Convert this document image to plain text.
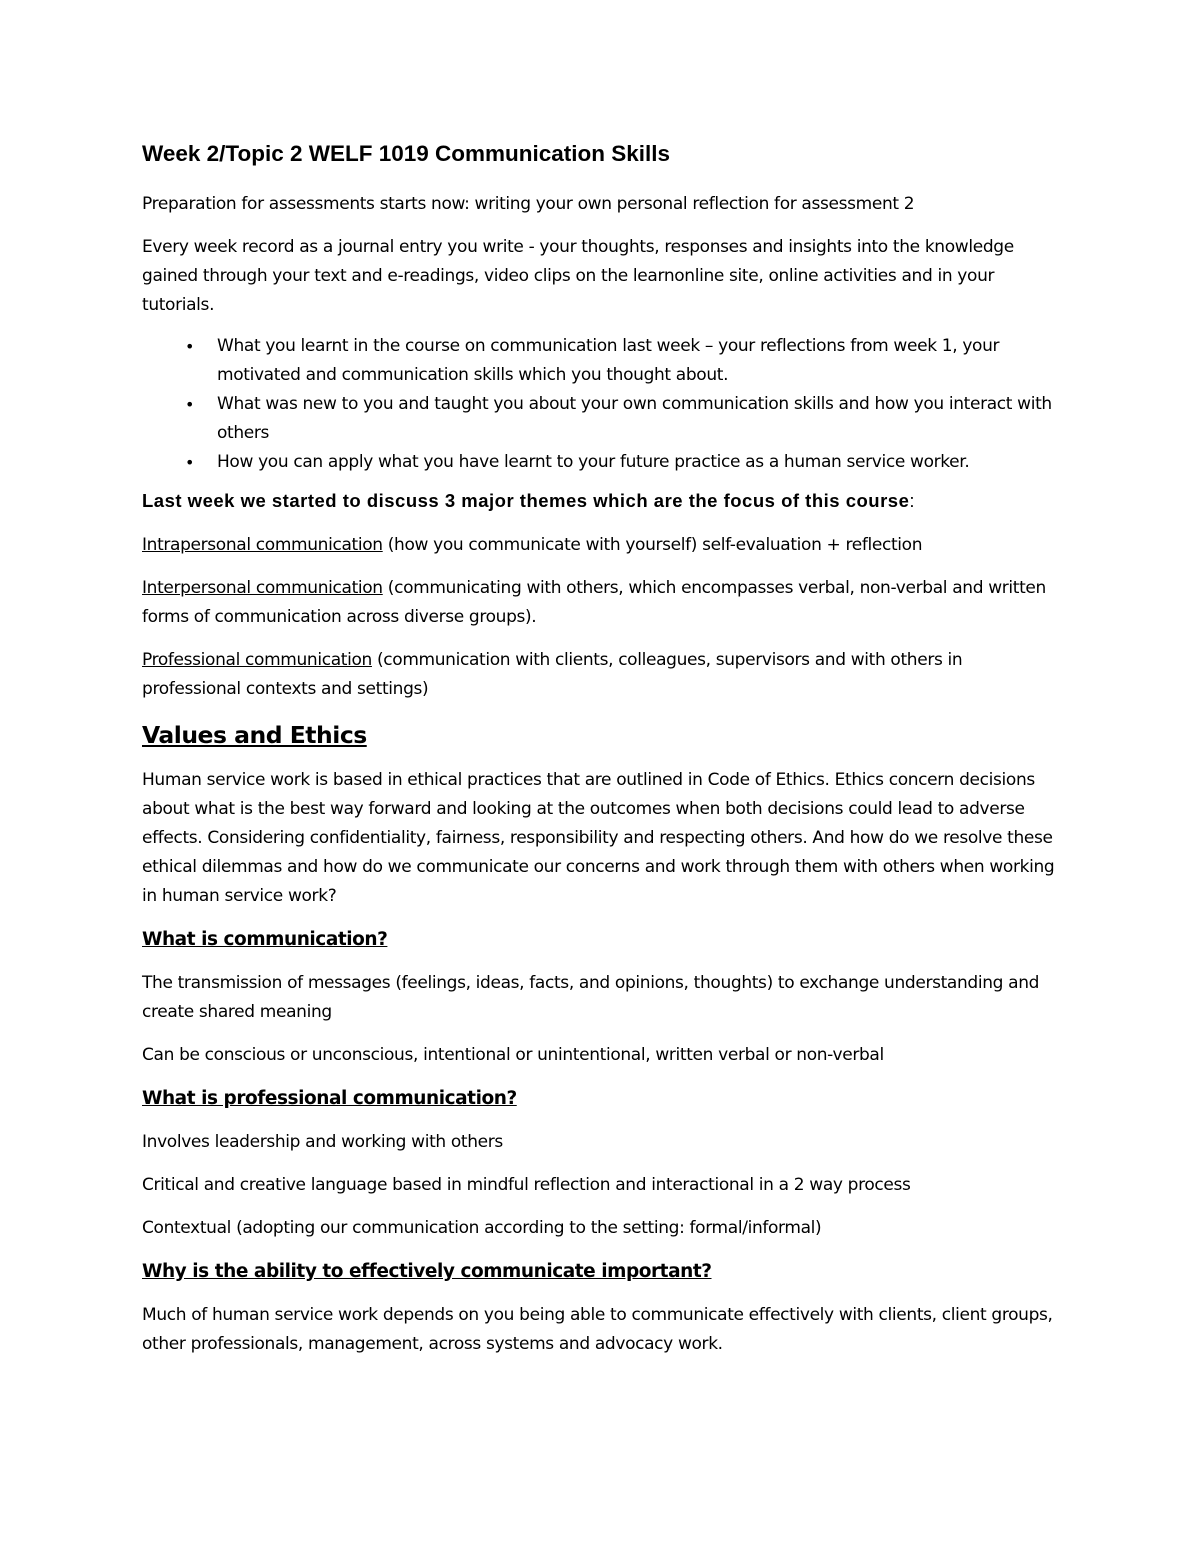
Week 2/Topic 2 WELF 1019 Communication Skills

Preparation for assessments starts now: writing your own personal reflection for assessment 2

Every week record as a journal entry you write - your thoughts, responses and insights into the knowledge gained through your text and e-readings, video clips on the learnonline site, online activities and in your tutorials.

• What you learnt in the course on communication last week – your reflections from week 1, your motivated and communication skills which you thought about.
• What was new to you and taught you about your own communication skills and how you interact with others
• How you can apply what you have learnt to your future practice as a human service worker.
Last week we started to discuss 3 major themes which are the focus of this course:

Intrapersonal communication (how you communicate with yourself) self-evaluation + reflection

Interpersonal communication (communicating with others, which encompasses verbal, non-verbal and written forms of communication across diverse groups).

Professional communication (communication with clients, colleagues, supervisors and with others in professional contexts and settings)

Values and Ethics

Human service work is based in ethical practices that are outlined in Code of Ethics. Ethics concern decisions about what is the best way forward and looking at the outcomes when both decisions could lead to adverse effects. Considering confidentiality, fairness, responsibility and respecting others. And how do we resolve these ethical dilemmas and how do we communicate our concerns and work through them with others when working in human service work?

What is communication?

The transmission of messages (feelings, ideas, facts, and opinions, thoughts) to exchange understanding and create shared meaning

Can be conscious or unconscious, intentional or unintentional, written verbal or non-verbal

What is professional communication?

Involves leadership and working with others

Critical and creative language based in mindful reflection and interactional in a 2 way process

Contextual (adopting our communication according to the setting: formal/informal)

Why is the ability to effectively communicate important?

Much of human service work depends on you being able to communicate effectively with clients, client groups, other professionals, management, across systems and advocacy work.
